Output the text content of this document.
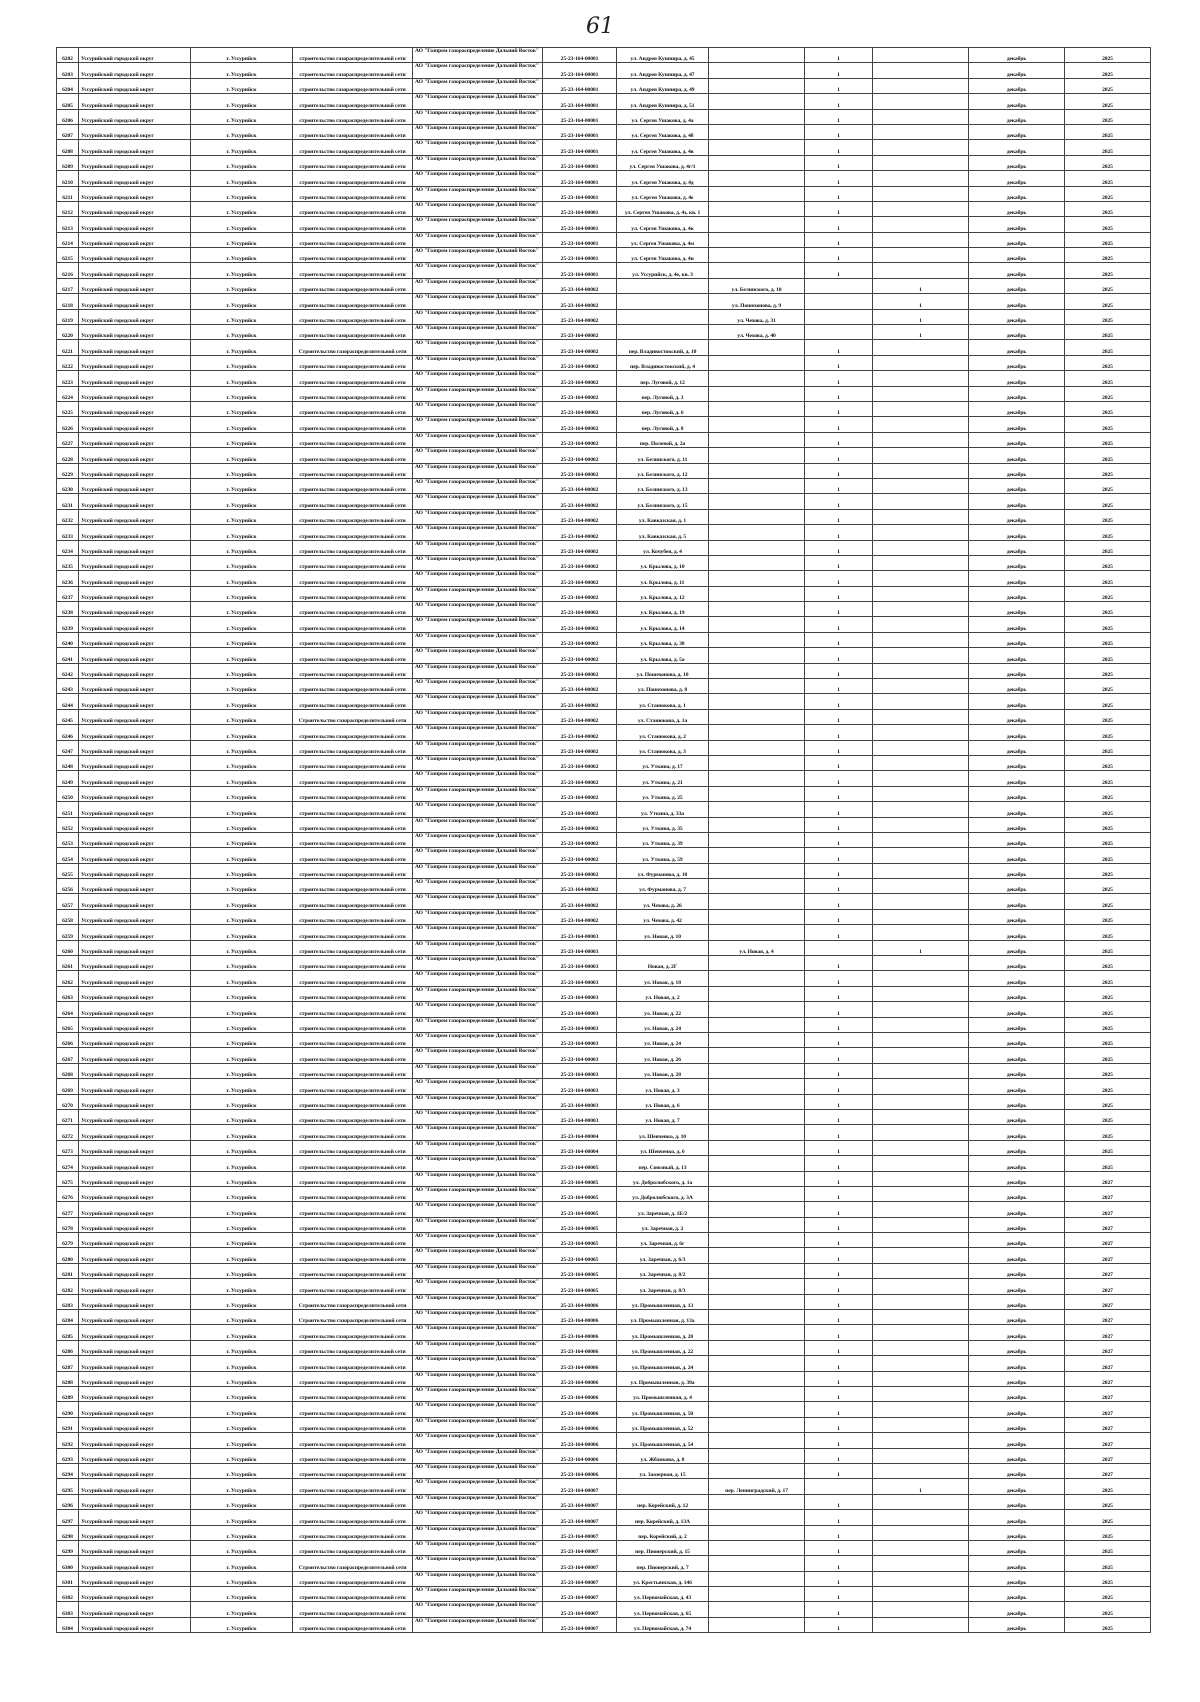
61
6202	Уссурийский городской округ	г. Уссурийск	строительство газораспределительной сети	АО "Газпром газораспределение Дальний Восток"	25-23-164-00001	ул. Андрея Кушнира, д. 45		1		декабрь	2025
6203	Уссурийский городской округ	г. Уссурийск	строительство газораспределительной сети	АО "Газпром газораспределение Дальний Восток"	25-23-164-00001	ул. Андрея Кушнира, д. 47		1		декабрь	2025
6204	Уссурийский городской округ	г. Уссурийск	строительство газораспределительной сети	АО "Газпром газораспределение Дальний Восток"	25-23-164-00001	ул. Андрея Кушнира, д. 49		1		декабрь	2025
6205	Уссурийский городской округ	г. Уссурийск	строительство газораспределительной сети	АО "Газпром газораспределение Дальний Восток"	25-23-164-00001	ул. Андрея Кушнира, д. 51		1		декабрь	2025
6206	Уссурийский городской округ	г. Уссурийск	строительство газораспределительной сети	АО "Газпром газораспределение Дальний Восток"	25-23-164-00001	ул. Сергея Ушакова, д. 4а		1		декабрь	2025
6207	Уссурийский городской округ	г. Уссурийск	строительство газораспределительной сети	АО "Газпром газораспределение Дальний Восток"	25-23-164-00001	ул. Сергея Ушакова, д. 4б		1		декабрь	2025
6208	Уссурийский городской округ	г. Уссурийск	строительство газораспределительной сети	АО "Газпром газораспределение Дальний Восток"	25-23-164-00001	ул. Сергея Ушакова, д. 4в		1		декабрь	2025
6209	Уссурийский городской округ	г. Уссурийск	строительство газораспределительной сети	АО "Газпром газораспределение Дальний Восток"	25-23-164-00001	ул. Сергея Ушакова, д. 4г/1		1		декабрь	2025
6210	Уссурийский городской округ	г. Уссурийск	строительство газораспределительной сети	АО "Газпром газораспределение Дальний Восток"	25-23-164-00001	ул. Сергея Ушакова, д. 4д		1		декабрь	2025
6211	Уссурийский городской округ	г. Уссурийск	строительство газораспределительной сети	АО "Газпром газораспределение Дальний Восток"	25-23-164-00001	ул. Сергея Ушакова, д. 4е		1		декабрь	2025
6212	Уссурийский городской округ	г. Уссурийск	строительство газораспределительной сети	АО "Газпром газораспределение Дальний Восток"	25-23-164-00001	ул. Сергея Ушакова, д. 4з, кв. 1		1		декабрь	2025
6213	Уссурийский городской округ	г. Уссурийск	строительство газораспределительной сети	АО "Газпром газораспределение Дальний Восток"	25-23-164-00001	ул. Сергея Ушакова, д. 4к		1		декабрь	2025
6214	Уссурийский городской округ	г. Уссурийск	строительство газораспределительной сети	АО "Газпром газораспределение Дальний Восток"	25-23-164-00001	ул. Сергея Ушакова, д. 4м		1		декабрь	2025
6215	Уссурийский городской округ	г. Уссурийск	строительство газораспределительной сети	АО "Газпром газораспределение Дальний Восток"	25-23-164-00001	ул. Сергея Ушакова, д. 4н		1		декабрь	2025
6216	Уссурийский городской округ	г. Уссурийск	строительство газораспределительной сети	АО "Газпром газораспределение Дальний Восток"	25-23-164-00001	ул. Уссурийск, д. 4е, кв. 3		1		декабрь	2025
6217	Уссурийский городской округ	г. Уссурийск	строительство газораспределительной сети	АО "Газпром газораспределение Дальний Восток"	25-23-164-00002		ул. Белинского, д. 10		1	декабрь	2025
6218	Уссурийский городской округ	г. Уссурийск	строительство газораспределительной сети	АО "Газпром газораспределение Дальний Восток"	25-23-164-00002		ул. Пошехонова, д. 9		1	декабрь	2025
6219	Уссурийский городской округ	г. Уссурийск	строительство газораспределительной сети	АО "Газпром газораспределение Дальний Восток"	25-23-164-00002		ул. Чехова, д. 31		1	декабрь	2025
6220	Уссурийский городской округ	г. Уссурийск	строительство газораспределительной сети	АО "Газпром газораспределение Дальний Восток"	25-23-164-00002		ул. Чехова, д. 40		1	декабрь	2025
6221	Уссурийский городской округ	г. Уссурийск	Строительство газораспределительной сети	АО "Газпром газораспределение Дальний Восток"	25-23-164-00002	пер. Владивостокский, д. 10		1		декабрь	2025
6222	Уссурийский городской округ	г. Уссурийск	строительство газораспределительной сети	АО "Газпром газораспределение Дальний Восток"	25-23-164-00002	пер. Владивостокский, д. 4		1		декабрь	2025
6223	Уссурийский городской округ	г. Уссурийск	строительство газораспределительной сети	АО "Газпром газораспределение Дальний Восток"	25-23-164-00002	пер. Луговой, д. 12		1		декабрь	2025
6224	Уссурийский городской округ	г. Уссурийск	строительство газораспределительной сети	АО "Газпром газораспределение Дальний Восток"	25-23-164-00002	пер. Луговой, д. 3		1		декабрь	2025
6225	Уссурийский городской округ	г. Уссурийск	строительство газораспределительной сети	АО "Газпром газораспределение Дальний Восток"	25-23-164-00002	пер. Луговой, д. 6		1		декабрь	2025
6226	Уссурийский городской округ	г. Уссурийск	строительство газораспределительной сети	АО "Газпром газораспределение Дальний Восток"	25-23-164-00002	пер. Луговой, д. 8		1		декабрь	2025
6227	Уссурийский городской округ	г. Уссурийск	строительство газораспределительной сети	АО "Газпром газораспределение Дальний Восток"	25-23-164-00002	пер. Полевой, д. 2а		1		декабрь	2025
6228	Уссурийский городской округ	г. Уссурийск	строительство газораспределительной сети	АО "Газпром газораспределение Дальний Восток"	25-23-164-00002	ул. Белинского, д. 11		1		декабрь	2025
6229	Уссурийский городской округ	г. Уссурийск	строительство газораспределительной сети	АО "Газпром газораспределение Дальний Восток"	25-23-164-00002	ул. Белинского, д. 12		1		декабрь	2025
6230	Уссурийский городской округ	г. Уссурийск	строительство газораспределительной сети	АО "Газпром газораспределение Дальний Восток"	25-23-164-00002	ул. Белинского, д. 13		1		декабрь	2025
6231	Уссурийский городской округ	г. Уссурийск	строительство газораспределительной сети	АО "Газпром газораспределение Дальний Восток"	25-23-164-00002	ул. Белинского, д. 15		1		декабрь	2025
6232	Уссурийский городской округ	г. Уссурийск	строительство газораспределительной сети	АО "Газпром газораспределение Дальний Восток"	25-23-164-00002	ул. Кавказская, д. 1		1		декабрь	2025
6233	Уссурийский городской округ	г. Уссурийск	строительство газораспределительной сети	АО "Газпром газораспределение Дальний Восток"	25-23-164-00002	ул. Кавказская, д. 5		1		декабрь	2025
6234	Уссурийский городской округ	г. Уссурийск	строительство газораспределительной сети	АО "Газпром газораспределение Дальний Восток"	25-23-164-00002	ул. Кочубея, д. 4		1		декабрь	2025
6235	Уссурийский городской округ	г. Уссурийск	строительство газораспределительной сети	АО "Газпром газораспределение Дальний Восток"	25-23-164-00002	ул. Крылова, д. 10		1		декабрь	2025
6236	Уссурийский городской округ	г. Уссурийск	строительство газораспределительной сети	АО "Газпром газораспределение Дальний Восток"	25-23-164-00002	ул. Крылова, д. 11		1		декабрь	2025
6237	Уссурийский городской округ	г. Уссурийск	строительство газораспределительной сети	АО "Газпром газораспределение Дальний Восток"	25-23-164-00002	ул. Крылова, д. 12		1		декабрь	2025
6238	Уссурийский городской округ	г. Уссурийск	строительство газораспределительной сети	АО "Газпром газораспределение Дальний Восток"	25-23-164-00002	ул. Крылова, д. 19		1		декабрь	2025
6239	Уссурийский городской округ	г. Уссурийск	строительство газораспределительной сети	АО "Газпром газораспределение Дальний Восток"	25-23-164-00002	ул. Крылова, д. 14		1		декабрь	2025
6240	Уссурийский городской округ	г. Уссурийск	строительство газораспределительной сети	АО "Газпром газораспределение Дальний Восток"	25-23-164-00002	ул. Крылова, д. 30		1		декабрь	2025
6241	Уссурийский городской округ	г. Уссурийск	строительство газораспределительной сети	АО "Газпром газораспределение Дальний Восток"	25-23-164-00002	ул. Крылова, д. 5а		1		декабрь	2025
6242	Уссурийский городской округ	г. Уссурийск	строительство газораспределительной сети	АО "Газпром газораспределение Дальний Восток"	25-23-164-00002	ул. Пошехонова, д. 10		1		декабрь	2025
6243	Уссурийский городской округ	г. Уссурийск	строительство газораспределительной сети	АО "Газпром газораспределение Дальний Восток"	25-23-164-00002	ул. Пошехонова, д. 8		1		декабрь	2025
6244	Уссурийский городской округ	г. Уссурийск	строительство газораспределительной сети	АО "Газпром газораспределение Дальний Восток"	25-23-164-00002	ул. Станюкова, д. 1		1		декабрь	2025
6245	Уссурийский городской округ	г. Уссурийск	Строительство газораспределительной сети	АО "Газпром газораспределение Дальний Восток"	25-23-164-00002	ул. Станюкова, д. 1а		1		декабрь	2025
6246	Уссурийский городской округ	г. Уссурийск	строительство газораспределительной сети	АО "Газпром газораспределение Дальний Восток"	25-23-164-00002	ул. Станюкова, д. 2		1		декабрь	2025
6247	Уссурийский городской округ	г. Уссурийск	строительство газораспределительной сети	АО "Газпром газораспределение Дальний Восток"	25-23-164-00002	ул. Станюкова, д. 3		1		декабрь	2025
6248	Уссурийский городской округ	г. Уссурийск	строительство газораспределительной сети	АО "Газпром газораспределение Дальний Восток"	25-23-164-00002	ул. Уткина, д. 17		1		декабрь	2025
6249	Уссурийский городской округ	г. Уссурийск	строительство газораспределительной сети	АО "Газпром газораспределение Дальний Восток"	25-23-164-00002	ул. Уткина, д. 21		1		декабрь	2025
6250	Уссурийский городской округ	г. Уссурийск	строительство газораспределительной сети	АО "Газпром газораспределение Дальний Восток"	25-23-164-00002	ул. Уткина, д. 25		1		декабрь	2025
6251	Уссурийский городской округ	г. Уссурийск	строительство газораспределительной сети	АО "Газпром газораспределение Дальний Восток"	25-23-164-00002	ул. Уткина, д. 33а		1		декабрь	2025
6252	Уссурийский городской округ	г. Уссурийск	строительство газораспределительной сети	АО "Газпром газораспределение Дальний Восток"	25-23-164-00002	ул. Уткина, д. 35		1		декабрь	2025
6253	Уссурийский городской округ	г. Уссурийск	строительство газораспределительной сети	АО "Газпром газораспределение Дальний Восток"	25-23-164-00002	ул. Уткина, д. 39		1		декабрь	2025
6254	Уссурийский городской округ	г. Уссурийск	строительство газораспределительной сети	АО "Газпром газораспределение Дальний Восток"	25-23-164-00002	ул. Уткина, д. 59		1		декабрь	2025
6255	Уссурийский городской округ	г. Уссурийск	строительство газораспределительной сети	АО "Газпром газораспределение Дальний Восток"	25-23-164-00002	ул. Фурманова, д. 10		1		декабрь	2025
6256	Уссурийский городской округ	г. Уссурийск	строительство газораспределительной сети	АО "Газпром газораспределение Дальний Восток"	25-23-164-00002	ул. Фурманова, д. 7		1		декабрь	2025
6257	Уссурийский городской округ	г. Уссурийск	строительство газораспределительной сети	АО "Газпром газораспределение Дальний Восток"	25-23-164-00002	ул. Чехова, д. 26		1		декабрь	2025
6258	Уссурийский городской округ	г. Уссурийск	строительство газораспределительной сети	АО "Газпром газораспределение Дальний Восток"	25-23-164-00002	ул. Чехова, д. 42		1		декабрь	2025
6259	Уссурийский городской округ	г. Уссурийск	строительство газораспределительной сети	АО "Газпром газораспределение Дальний Восток"	25-23-164-00003	ул. Новая, д. 10		1		декабрь	2025
6260	Уссурийский городской округ	г. Уссурийск	строительство газораспределительной сети	АО "Газпром газораспределение Дальний Восток"	25-23-164-00003		ул. Новая, д. 4		1	декабрь	2025
6261	Уссурийский городской округ	г. Уссурийск	строительство газораспределительной сети	АО "Газпром газораспределение Дальний Восток"	25-23-164-00003	Новая, д. 2Г		1		декабрь	2025
6262	Уссурийский городской округ	г. Уссурийск	строительство газораспределительной сети	АО "Газпром газораспределение Дальний Восток"	25-23-164-00003	ул. Новая, д. 18		1		декабрь	2025
6263	Уссурийский городской округ	г. Уссурийск	строительство газораспределительной сети	АО "Газпром газораспределение Дальний Восток"	25-23-164-00003	ул. Новая, д. 2		1		декабрь	2025
6264	Уссурийский городской округ	г. Уссурийск	строительство газораспределительной сети	АО "Газпром газораспределение Дальний Восток"	25-23-164-00003	ул. Новая, д. 22		1		декабрь	2025
6265	Уссурийский городской округ	г. Уссурийск	строительство газораспределительной сети	АО "Газпром газораспределение Дальний Восток"	25-23-164-00003	ул. Новая, д. 24		1		декабрь	2025
6266	Уссурийский городской округ	г. Уссурийск	строительство газораспределительной сети	АО "Газпром газораспределение Дальний Восток"	25-23-164-00003	ул. Новая, д. 24		1		декабрь	2025
6267	Уссурийский городской округ	г. Уссурийск	строительство газораспределительной сети	АО "Газпром газораспределение Дальний Восток"	25-23-164-00003	ул. Новая, д. 26		1		декабрь	2025
6268	Уссурийский городской округ	г. Уссурийск	строительство газораспределительной сети	АО "Газпром газораспределение Дальний Восток"	25-23-164-00003	ул. Новая, д. 28		1		декабрь	2025
6269	Уссурийский городской округ	г. Уссурийск	строительство газораспределительной сети	АО "Газпром газораспределение Дальний Восток"	25-23-164-00003	ул. Новая, д. 3		1		декабрь	2025
6270	Уссурийский городской округ	г. Уссурийск	строительство газораспределительной сети	АО "Газпром газораспределение Дальний Восток"	25-23-164-00003	ул. Новая, д. 6		1		декабрь	2025
6271	Уссурийский городской округ	г. Уссурийск	строительство газораспределительной сети	АО "Газпром газораспределение Дальний Восток"	25-23-164-00003	ул. Новая, д. 7		1		декабрь	2025
6272	Уссурийский городской округ	г. Уссурийск	строительство газораспределительной сети	АО "Газпром газораспределение Дальний Восток"	25-23-164-00004	ул. Шевченко, д. 10		1		декабрь	2025
6273	Уссурийский городской округ	г. Уссурийск	строительство газораспределительной сети	АО "Газпром газораспределение Дальний Восток"	25-23-164-00004	ул. Шевченко, д. 6		1		декабрь	2025
6274	Уссурийский городской округ	г. Уссурийск	строительство газораспределительной сети	АО "Газпром газораспределение Дальний Восток"	25-23-164-00005	пер. Союзный, д. 13		1		декабрь	2025
6275	Уссурийский городской округ	г. Уссурийск	строительство газораспределительной сети	АО "Газпром газораспределение Дальний Восток"	25-23-164-00005	ул. Добролюбского, д. 1а		1		декабрь	2027
6276	Уссурийский городской округ	г. Уссурийск	строительство газораспределительной сети	АО "Газпром газораспределение Дальний Восток"	25-23-164-00005	ул. Добролюбского, д. 3А		1		декабрь	2027
6277	Уссурийский городской округ	г. Уссурийск	строительство газораспределительной сети	АО "Газпром газораспределение Дальний Восток"	25-23-164-00005	ул. Заречная, д. 1Е/2		1		декабрь	2027
6278	Уссурийский городской округ	г. Уссурийск	строительство газораспределительной сети	АО "Газпром газораспределение Дальний Восток"	25-23-164-00005	ул. Заречная, д. 2		1		декабрь	2027
6279	Уссурийский городской округ	г. Уссурийск	строительство газораспределительной сети	АО "Газпром газораспределение Дальний Восток"	25-23-164-00005	ул. Заречная, д. 6г		1		декабрь	2027
6280	Уссурийский городской округ	г. Уссурийск	строительство газораспределительной сети	АО "Газпром газораспределение Дальний Восток"	25-23-164-00005	ул. Заречная, д. 6/3		1		декабрь	2027
6281	Уссурийский городской округ	г. Уссурийск	строительство газораспределительной сети	АО "Газпром газораспределение Дальний Восток"	25-23-164-00005	ул. Заречная, д. 8/2		1		декабрь	2027
6282	Уссурийский городской округ	г. Уссурийск	строительство газораспределительной сети	АО "Газпром газораспределение Дальний Восток"	25-23-164-00005	ул. Заречная, д. 8/3		1		декабрь	2027
6283	Уссурийский городской округ	г. Уссурийск	Строительство газораспределительной сети	АО "Газпром газораспределение Дальний Восток"	25-23-164-00006	ул. Промышленная, д. 13		1		декабрь	2027
6284	Уссурийский городской округ	г. Уссурийск	Строительство газораспределительной сети	АО "Газпром газораспределение Дальний Восток"	25-23-164-00006	ул. Промышленная, д. 13а		1		декабрь	2027
6285	Уссурийский городской округ	г. Уссурийск	строительство газораспределительной сети	АО "Газпром газораспределение Дальний Восток"	25-23-164-00006	ул. Промышленная, д. 20		1		декабрь	2027
6286	Уссурийский городской округ	г. Уссурийск	строительство газораспределительной сети	АО "Газпром газораспределение Дальний Восток"	25-23-164-00006	ул. Промышленная, д. 22		1		декабрь	2027
6287	Уссурийский городской округ	г. Уссурийск	строительство газораспределительной сети	АО "Газпром газораспределение Дальний Восток"	25-23-164-00006	ул. Промышленная, д. 24		1		декабрь	2027
6288	Уссурийский городской округ	г. Уссурийск	строительство газораспределительной сети	АО "Газпром газораспределение Дальний Восток"	25-23-164-00006	ул. Промышленная, д. 38а		1		декабрь	2027
6289	Уссурийский городской округ	г. Уссурийск	строительство газораспределительной сети	АО "Газпром газораспределение Дальний Восток"	25-23-164-00006	ул. Промышленная, д. 4		1		декабрь	2027
6290	Уссурийский городской округ	г. Уссурийск	строительство газораспределительной сети	АО "Газпром газораспределение Дальний Восток"	25-23-164-00006	ул. Промышленная, д. 50		1		декабрь	2027
6291	Уссурийский городской округ	г. Уссурийск	строительство газораспределительной сети	АО "Газпром газораспределение Дальний Восток"	25-23-164-00006	ул. Промышленная, д. 52		1		декабрь	2027
6292	Уссурийский городской округ	г. Уссурийск	строительство газораспределительной сети	АО "Газпром газораспределение Дальний Восток"	25-23-164-00006	ул. Промышленная, д. 54		1		декабрь	2027
6293	Уссурийский городской округ	г. Уссурийск	строительство газораспределительной сети	АО "Газпром газораспределение Дальний Восток"	25-23-164-00006	ул. Жбанкова, д. 8		1		декабрь	2027
6294	Уссурийский городской округ	г. Уссурийск	строительство газораспределительной сети	АО "Газпром газораспределение Дальний Восток"	25-23-164-00006	ул. Заозерная, д. 15		1		декабрь	2027
6295	Уссурийский городской округ	г. Уссурийск	строительство газораспределительной сети	АО "Газпром газораспределение Дальний Восток"	25-23-164-00007		пер. Ленинградский, д. 17		1	декабрь	2025
6296	Уссурийский городской округ	г. Уссурийск	строительство газораспределительной сети	АО "Газпром газораспределение Дальний Восток"	25-23-164-00007	пер. Корейский, д. 12		1		декабрь	2025
6297	Уссурийский городской округ	г. Уссурийск	строительство газораспределительной сети	АО "Газпром газораспределение Дальний Восток"	25-23-164-00007	пер. Корейский, д. 13А		1		декабрь	2025
6298	Уссурийский городской округ	г. Уссурийск	строительство газораспределительной сети	АО "Газпром газораспределение Дальний Восток"	25-23-164-00007	пер. Корейский, д. 2		1		декабрь	2025
6299	Уссурийский городской округ	г. Уссурийск	строительство газораспределительной сети	АО "Газпром газораспределение Дальний Восток"	25-23-164-00007	пер. Пионерский, д. 15		1		декабрь	2025
6300	Уссурийский городской округ	г. Уссурийск	Строительство газораспределительной сети	АО "Газпром газораспределение Дальний Восток"	25-23-164-00007	пер. Пионерский, д. 7		1		декабрь	2025
6301	Уссурийский городской округ	г. Уссурийск	строительство газораспределительной сети	АО "Газпром газораспределение Дальний Восток"	25-23-164-00007	ул. Крестьянская, д. 146		1		декабрь	2025
6302	Уссурийский городской округ	г. Уссурийск	строительство газораспределительной сети	АО "Газпром газораспределение Дальний Восток"	25-23-164-00007	ул. Первомайская, д. 43		1		декабрь	2025
6303	Уссурийский городской округ	г. Уссурийск	строительство газораспределительной сети	АО "Газпром газораспределение Дальний Восток"	25-23-164-00007	ул. Первомайская, д. 65		1		декабрь	2025
6304	Уссурийский городской округ	г. Уссурийск	строительство газораспределительной сети	АО "Газпром газораспределение Дальний Восток"	25-23-164-00007	ул. Первомайская, д. 74		1		декабрь	2025
